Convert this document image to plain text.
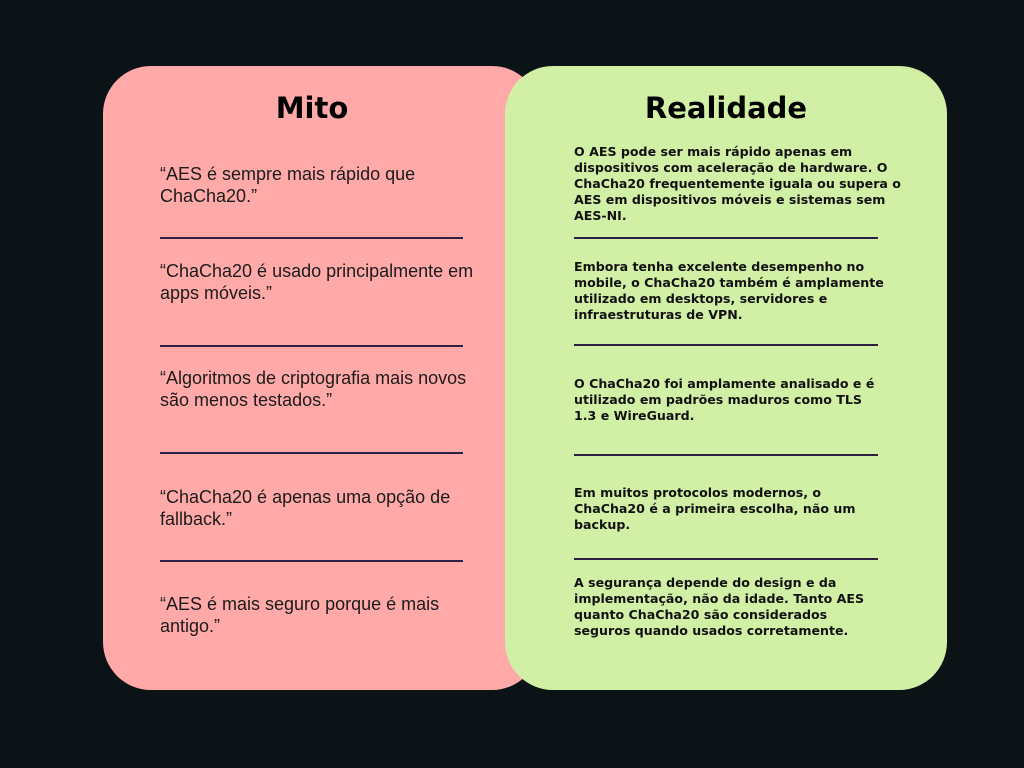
Mito	Realidade

“AES é sempre mais rápido que ChaCha20.”

“ChaCha20 é usado principalmente em apps móveis.”

“Algoritmos de criptografia mais novos são menos testados.”

“ChaCha20 é apenas uma opção de fallback.”

“AES é mais seguro porque é mais antigo.”

O AES pode ser mais rápido apenas em dispositivos com aceleração de hardware. O ChaCha20 frequentemente iguala ou supera o AES em dispositivos móveis e sistemas sem AES-NI.

Embora tenha excelente desempenho no mobile, o ChaCha20 também é amplamente utilizado em desktops, servidores e infraestruturas de VPN.

O ChaCha20 foi amplamente analisado e é utilizado em padrões maduros como TLS 1.3 e WireGuard.

Em muitos protocolos modernos, o ChaCha20 é a primeira escolha, não um backup.

A segurança depende do design e da implementação, não da idade. Tanto AES quanto ChaCha20 são considerados seguros quando usados corretamente.
